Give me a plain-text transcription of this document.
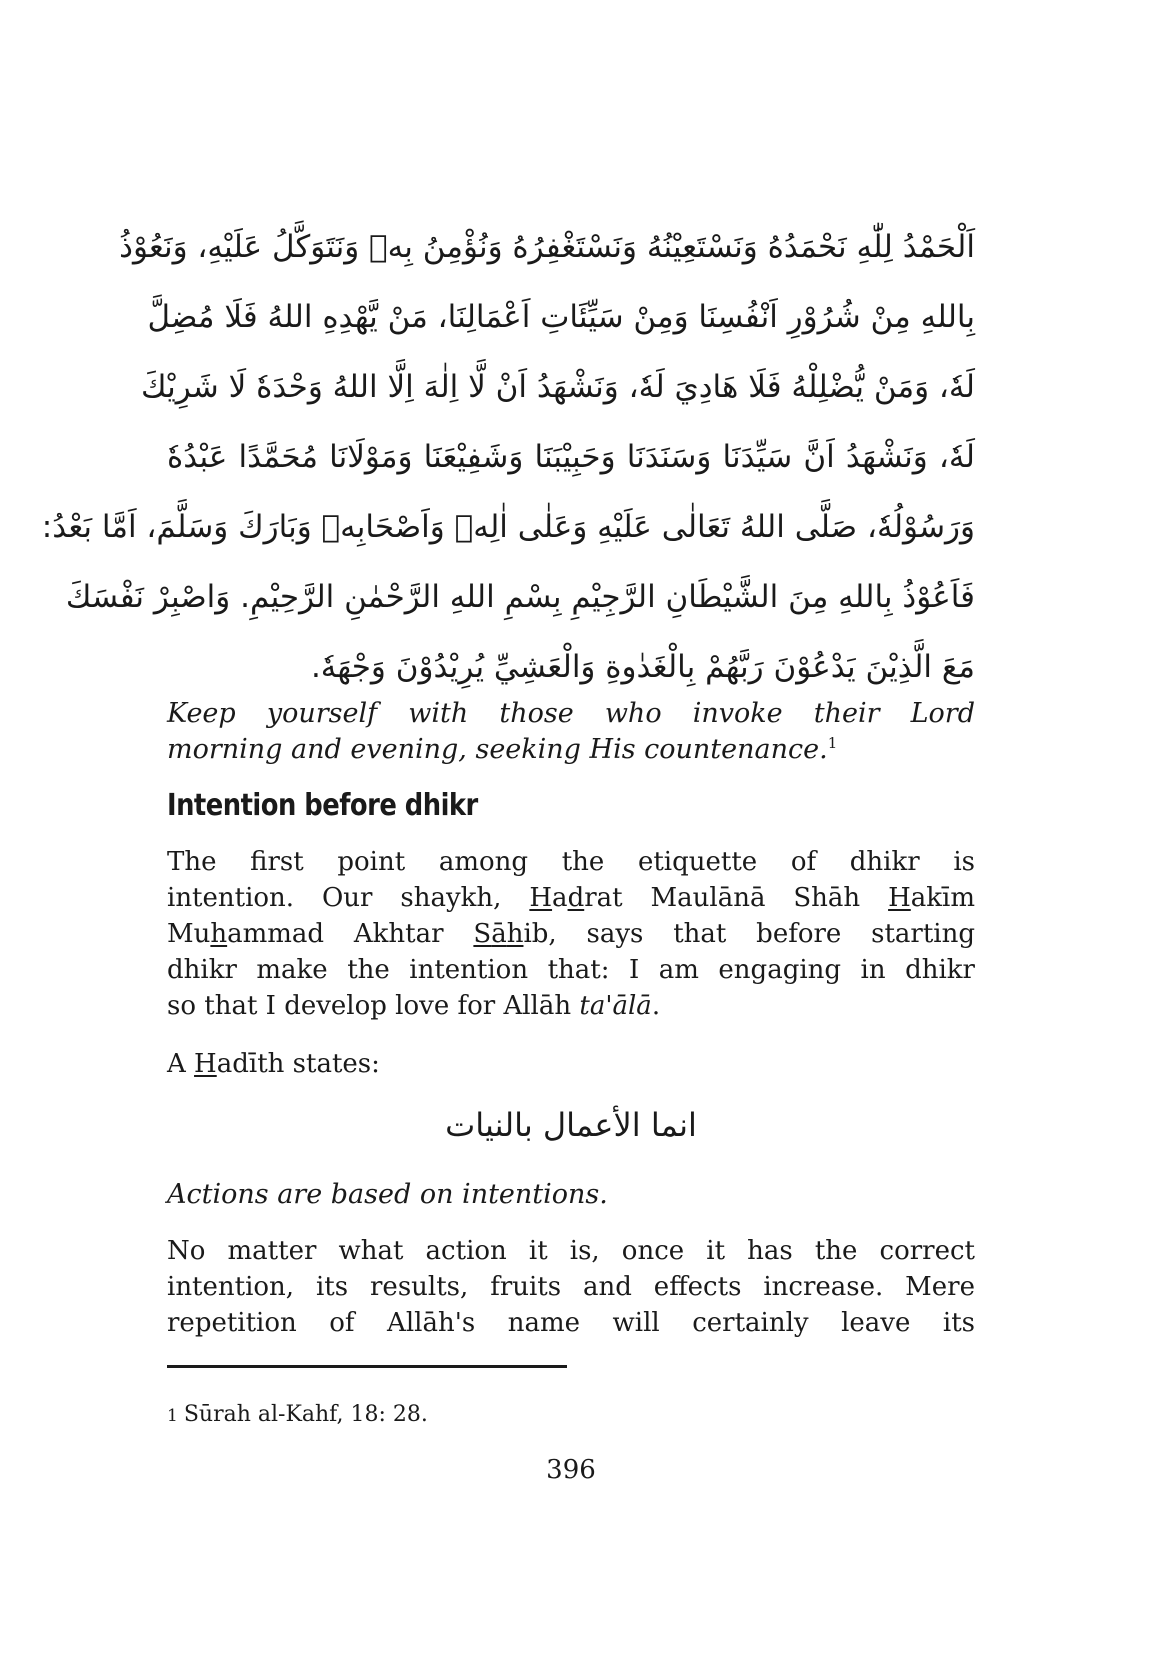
اَلْحَمْدُ لِلّٰهِ نَحْمَدُهُ وَنَسْتَعِيْنُهُ وَنَسْتَغْفِرُهُ وَنُؤْمِنُ بِهٖ وَنَتَوَكَّلُ عَلَيْهِ، وَنَعُوْذُ
بِاللهِ مِنْ شُرُوْرِ اَنْفُسِنَا وَمِنْ سَيِّئَاتِ اَعْمَالِنَا، مَنْ يَّهْدِهِ اللهُ فَلَا مُضِلَّ
لَهٗ، وَمَنْ يُّضْلِلْهُ فَلَا هَادِيَ لَهٗ، وَنَشْهَدُ اَنْ لَّا اِلٰهَ اِلَّا اللهُ وَحْدَهٗ لَا شَرِيْكَ
لَهٗ، وَنَشْهَدُ اَنَّ سَيِّدَنَا وَسَنَدَنَا وَحَبِيْبَنَا وَشَفِيْعَنَا وَمَوْلَانَا مُحَمَّدًا عَبْدُهٗ
وَرَسُوْلُهٗ، صَلَّى اللهُ تَعَالٰى عَلَيْهِ وَعَلٰى اٰلِهٖ وَاَصْحَابِهٖ وَبَارَكَ وَسَلَّمَ، اَمَّا بَعْدُ:
فَاَعُوْذُ بِاللهِ مِنَ الشَّيْطَانِ الرَّجِيْمِ بِسْمِ اللهِ الرَّحْمٰنِ الرَّحِيْمِ. وَاصْبِرْ نَفْسَكَ
مَعَ الَّذِيْنَ يَدْعُوْنَ رَبَّهُمْ بِالْغَدٰوةِ وَالْعَشِيِّ يُرِيْدُوْنَ وَجْهَهٗ.
Keep yourself with those who invoke their Lord
morning and evening, seeking His countenance.$^1$
Intention before dhikr
The first point among the etiquette of dhikr is
intention. Our shaykh, Hadrat Maulānā Shāh Hakīm
Muhammad Akhtar Sāhib, says that before starting
dhikr make the intention that: I am engaging in dhikr
so that I develop love for Allāh ta'ālā.
A Hadīth states:
انما الأعمال بالنيات
Actions are based on intentions.
No matter what action it is, once it has the correct
intention, its results, fruits and effects increase. Mere
repetition of Allāh's name will certainly leave its
1 Sūrah al-Kahf, 18: 28.
396
